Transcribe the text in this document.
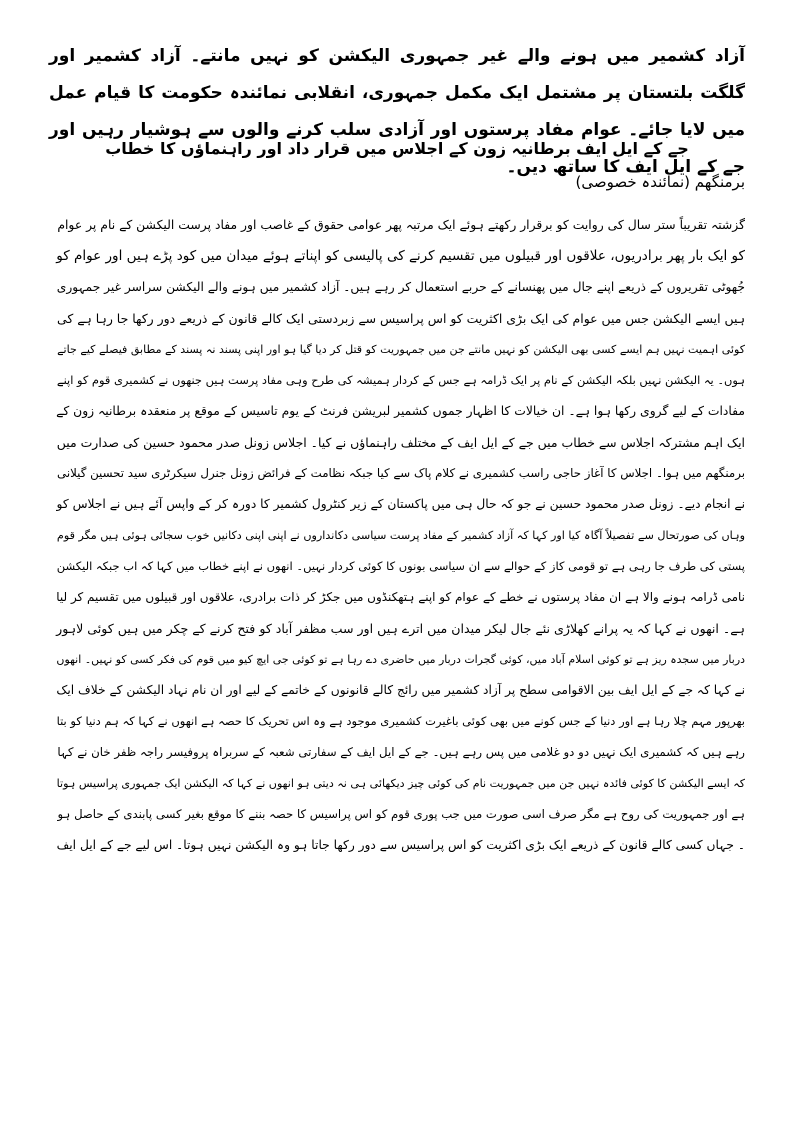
آزاد کشمیر میں ہونے والے غیر جمہوری الیکشن کو نہیں مانتے۔ آزاد کشمیر اور گلگت بلتستان پر مشتمل ایک مکمل جمہوری، انقلابی نمائندہ حکومت کا قیام عمل میں لایا جائے۔ عوام مفاد پرستوں اور آزادی سلب کرنے والوں سے ہوشیار رہیں اور جے کے ایل ایف کا ساتھ دیں۔
جے کے ایل ایف برطانیہ زون کے اجلاس میں قرار داد اور راہنماؤں کا خطاب
برمنگھم (نمائندہ خصوصی)
گزشتہ تقریباً ستر سال کی روایت کو برقرار رکھتے ہوئے ایک مرتبہ پھر عوامی حقوق کے غاصب اور مفاد پرست الیکشن کے نام پر عوام
کو ایک بار پھر برادریوں، علاقوں اور قبیلوں میں تقسیم کرنے کی پالیسی کو اپناتے ہوئے میدان میں کود پڑے ہیں اور عوام کو
جُھوٹی تقریروں کے ذریعے اپنے جال میں پھنسانے کے حربے استعمال کر رہے ہیں۔ آزاد کشمیر میں ہونے والے الیکشن سراسر غیر جمہوری
ہیں ایسے الیکشن جس میں عوام کی ایک بڑی اکثریت کو اس پراسیس سے زبردستی ایک کالے قانون کے ذریعے دور رکھا جا رہا ہے کی
کوئی اہمیت نہیں ہم ایسے کسی بھی الیکشن کو نہیں مانتے جن میں جمہوریت کو قتل کر دیا گیا ہو اور اپنی پسند نہ پسند کے مطابق فیصلے کیے جاتے
ہوں۔ یہ الیکشن نہیں بلکہ الیکشن کے نام پر ایک ڈرامہ ہے جس کے کردار ہمیشہ کی طرح وہی مفاد پرست ہیں جنھوں نے کشمیری قوم کو اپنے
مفادات کے لیے گروی رکھا ہوا ہے۔ ان خیالات کا اظہار جموں کشمیر لبریشن فرنٹ کے یوم تاسیس کے موقع پر منعقدہ برطانیہ زون کے
ایک اہم مشترکہ اجلاس سے خطاب میں جے کے ایل ایف کے مختلف راہنماؤں نے کیا۔ اجلاس زونل صدر محمود حسین کی صدارت میں
برمنگھم میں ہوا۔ اجلاس کا آغاز حاجی راسب کشمیری نے کلام پاک سے کیا جبکہ نظامت کے فرائض زونل جنرل سیکرٹری سید تحسین گیلانی
نے انجام دیے۔ زونل صدر محمود حسین نے جو کہ حال ہی میں پاکستان کے زیر کنٹرول کشمیر کا دورہ کر کے واپس آئے ہیں نے اجلاس کو
وہاں کی صورتحال سے تفصیلاً آگاہ کیا اور کہا کہ آزاد کشمیر کے مفاد پرست سیاسی دکانداروں نے اپنی اپنی دکانیں خوب سجائی ہوئی ہیں مگر قوم
پستی کی طرف جا رہی ہے تو قومی کاز کے حوالے سے ان سیاسی بونوں کا کوئی کردار نہیں۔ انھوں نے اپنے خطاب میں کہا کہ اب جبکہ الیکشن
نامی ڈرامہ ہونے والا ہے ان مفاد پرستوں نے خطے کے عوام کو اپنے ہتھکنڈوں میں جکڑ کر ذات برادری، علاقوں اور قبیلوں میں تقسیم کر لیا
ہے۔ انھوں نے کہا کہ یہ پرانے کھلاڑی نئے جال لیکر میدان میں اترے ہیں اور سب مظفر آباد کو فتح کرنے کے چکر میں ہیں کوئی لاہور
دربار میں سجدہ ریز ہے تو کوئی اسلام آباد میں، کوئی گجرات دربار میں حاضری دے رہا ہے تو کوئی جی ایچ کیو میں قوم کی فکر کسی کو نہیں۔ انھوں
نے کہا کہ جے کے ایل ایف بین الاقوامی سطح پر آزاد کشمیر میں رائج کالے قانونوں کے خاتمے کے لیے اور ان نام نہاد الیکشن کے خلاف ایک
بھرپور مہم چلا رہا ہے اور دنیا کے جس کونے میں بھی کوئی باغیرت کشمیری موجود ہے وہ اس تحریک کا حصہ ہے انھوں نے کہا کہ ہم دنیا کو بتا
رہے ہیں کہ کشمیری ایک نہیں دو دو غلامی میں پس رہے ہیں۔ جے کے ایل ایف کے سفارتی شعبہ کے سربراہ پروفیسر راجہ ظفر خان نے کہا
کہ ایسے الیکشن کا کوئی فائدہ نہیں جن میں جمہوریت نام کی کوئی چیز دیکھائی ہی نہ دیتی ہو انھوں نے کہا کہ الیکشن ایک جمہوری پراسیس ہوتا
ہے اور جمہوریت کی روح ہے مگر صرف اسی صورت میں جب پوری قوم کو اس پراسیس کا حصہ بننے کا موقع بغیر کسی پابندی کے حاصل ہو
۔ جہاں کسی کالے قانون کے ذریعے ایک بڑی اکثریت کو اس پراسیس سے دور رکھا جاتا ہو وہ الیکشن نہیں ہوتا۔ اس لیے جے کے ایل ایف
